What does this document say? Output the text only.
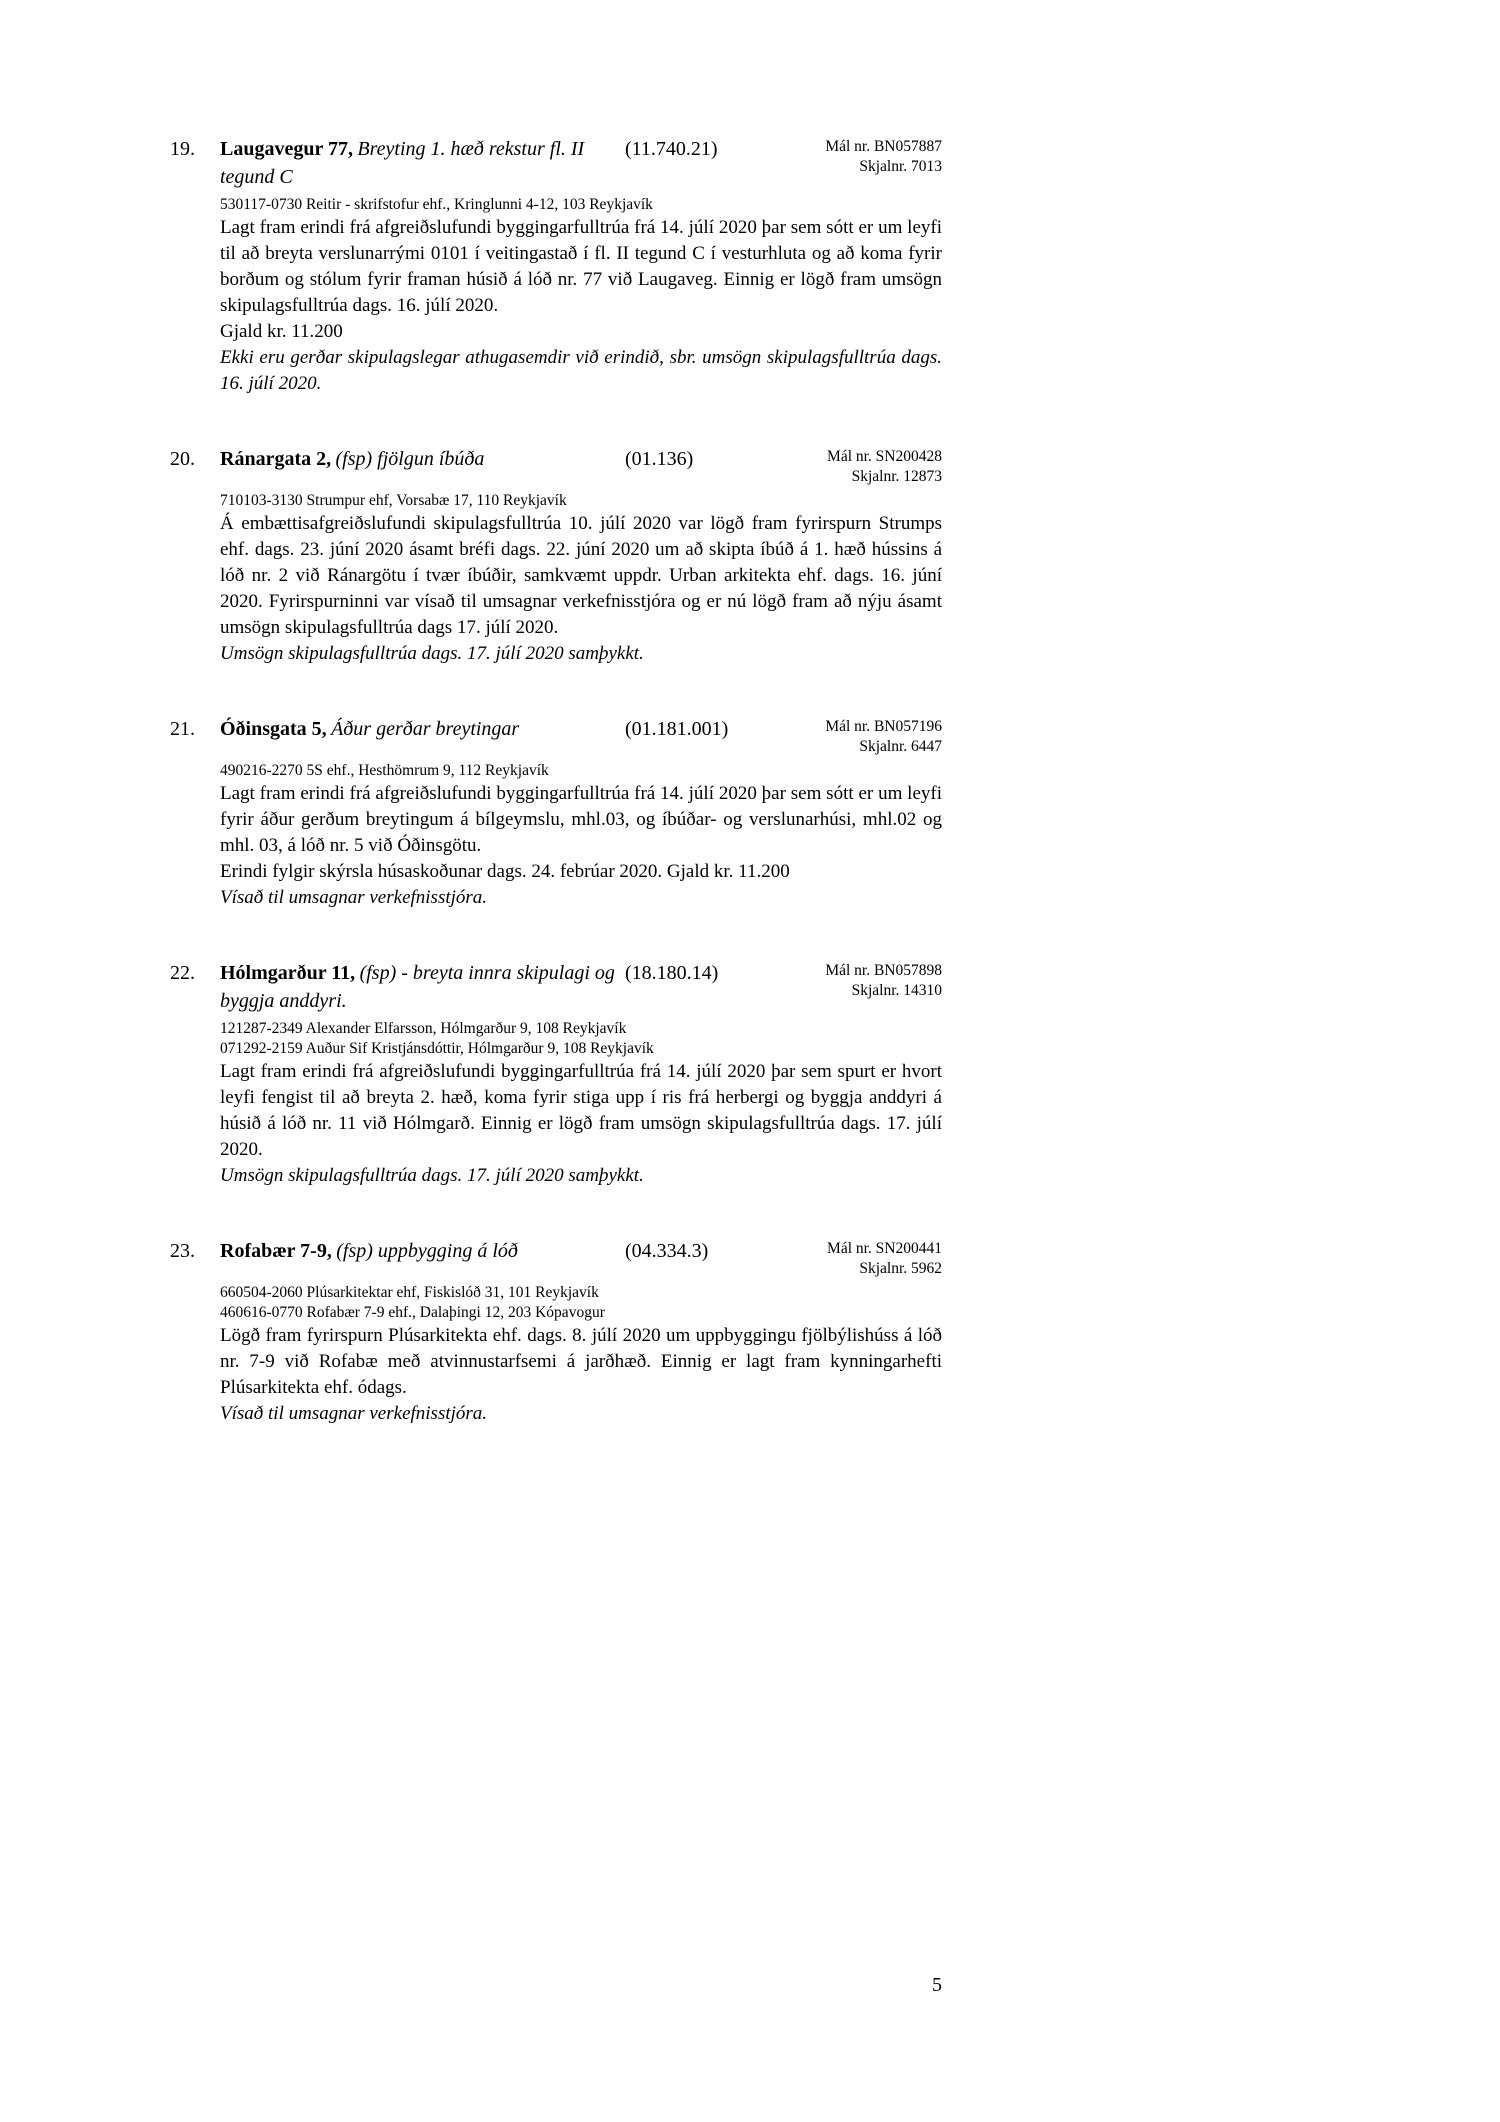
19.	Laugavegur 77, Breyting 1. hæð rekstur fl. II tegund C
(11.740.21)	Mál nr. BN057887
Skjalnr. 7013
530117-0730 Reitir - skrifstofur ehf., Kringlunni 4-12, 103 Reykjavík

Lagt fram erindi frá afgreiðslufundi byggingarfulltrúa frá 14. júlí 2020 þar sem sótt er um leyfi til að breyta verslunarrými 0101 í veitingastað í fl. II tegund C í vesturhluta og að koma fyrir borðum og stólum fyrir framan húsið á lóð nr. 77 við Laugaveg. Einnig er lögð fram umsögn skipulagsfulltrúa dags. 16. júlí 2020.

Gjald kr. 11.200

Ekki eru gerðar skipulagslegar athugasemdir við erindið, sbr. umsögn skipulagsfulltrúa dags. 16. júlí 2020.

20.	Ránargata 2, (fsp) fjölgun íbúða	(01.136)	Mál nr. SN200428
Skjalnr. 12873
710103-3130 Strumpur ehf, Vorsabæ 17, 110 Reykjavík

Á embættisafgreiðslufundi skipulagsfulltrúa 10. júlí 2020 var lögð fram fyrirspurn Strumps ehf. dags. 23. júní 2020 ásamt bréfi dags. 22. júní 2020 um að skipta íbúð á 1. hæð hússins á lóð nr. 2 við Ránargötu í tvær íbúðir, samkvæmt uppdr. Urban arkitekta ehf. dags. 16. júní 2020. Fyrirspurninni var vísað til umsagnar verkefnisstjóra og er nú lögð fram að nýju ásamt umsögn skipulagsfulltrúa dags 17. júlí 2020.

Umsögn skipulagsfulltrúa dags. 17. júlí 2020 samþykkt.

21.	Óðinsgata 5, Áður gerðar breytingar	(01.181.001)	Mál nr. BN057196
Skjalnr. 6447
490216-2270 5S ehf., Hesthömrum 9, 112 Reykjavík

Lagt fram erindi frá afgreiðslufundi byggingarfulltrúa frá 14. júlí 2020 þar sem sótt er um leyfi fyrir áður gerðum breytingum á bílgeymslu, mhl.03, og íbúðar- og verslunarhúsi, mhl.02 og mhl. 03, á lóð nr. 5 við Óðinsgötu.

Erindi fylgir skýrsla húsaskoðunar dags. 24. febrúar 2020. Gjald kr. 11.200

Vísað til umsagnar verkefnisstjóra.

22.	Hólmgarður 11, (fsp) - breyta innra skipulagi og byggja anddyri.
(18.180.14)	Mál nr. BN057898
Skjalnr. 14310
121287-2349 Alexander Elfarsson, Hólmgarður 9, 108 Reykjavík
071292-2159 Auður Sif Kristjánsdóttir, Hólmgarður 9, 108 Reykjavík

Lagt fram erindi frá afgreiðslufundi byggingarfulltrúa frá 14. júlí 2020 þar sem spurt er hvort leyfi fengist til að breyta 2. hæð, koma fyrir stiga upp í ris frá herbergi og byggja anddyri á húsið á lóð nr. 11 við Hólmgarð. Einnig er lögð fram umsögn skipulagsfulltrúa dags. 17. júlí 2020.

Umsögn skipulagsfulltrúa dags. 17. júlí 2020 samþykkt.

23.	Rofabær 7-9, (fsp) uppbygging á lóð	(04.334.3)	Mál nr. SN200441
Skjalnr. 5962
660504-2060 Plúsarkitektar ehf, Fiskislóð 31, 101 Reykjavík
460616-0770 Rofabær 7-9 ehf., Dalaþingi 12, 203 Kópavogur

Lögð fram fyrirspurn Plúsarkitekta ehf. dags. 8. júlí 2020 um uppbyggingu fjölbýlishúss á lóð nr. 7-9 við Rofabæ með atvinnustarfsemi á jarðhæð. Einnig er lagt fram kynningarhefti Plúsarkitekta ehf. ódags.

Vísað til umsagnar verkefnisstjóra.

5
